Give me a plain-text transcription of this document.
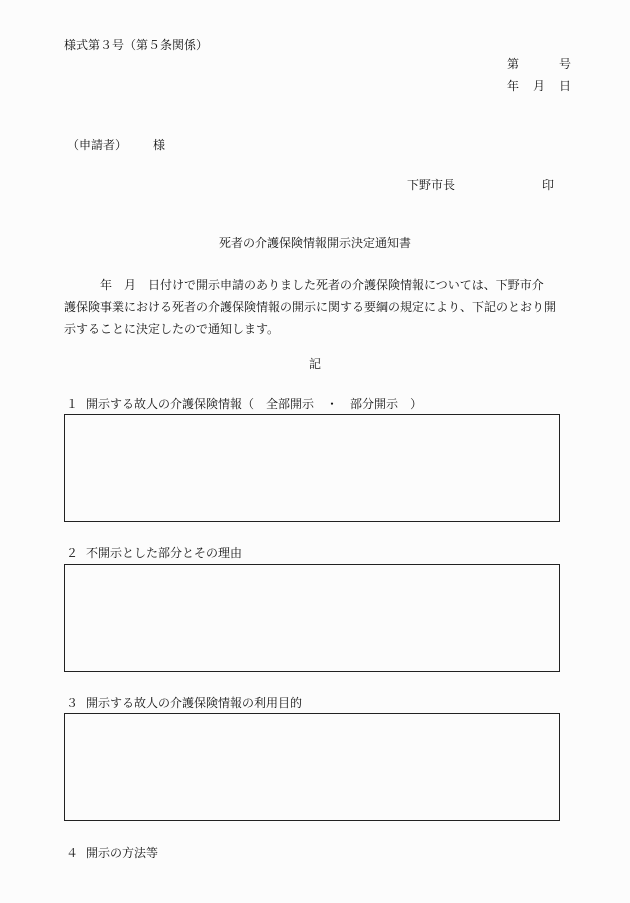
様式第３号（第５条関係）
第	号
年 月 日
（申請者） 様
下野市長	印
死者の介護保険情報開示決定通知書
　　　年　月　日付けで開示申請のありました死者の介護保険情報については、下野市介
護保険事業における死者の介護保険情報の開示に関する要綱の規定により、下記のとおり開
示することに決定したので通知します。
記
１ 開示する故人の介護保険情報（ 全部開示 ・ 部分開示 ）
２ 不開示とした部分とその理由
３ 開示する故人の介護保険情報の利用目的
４ 開示の方法等
